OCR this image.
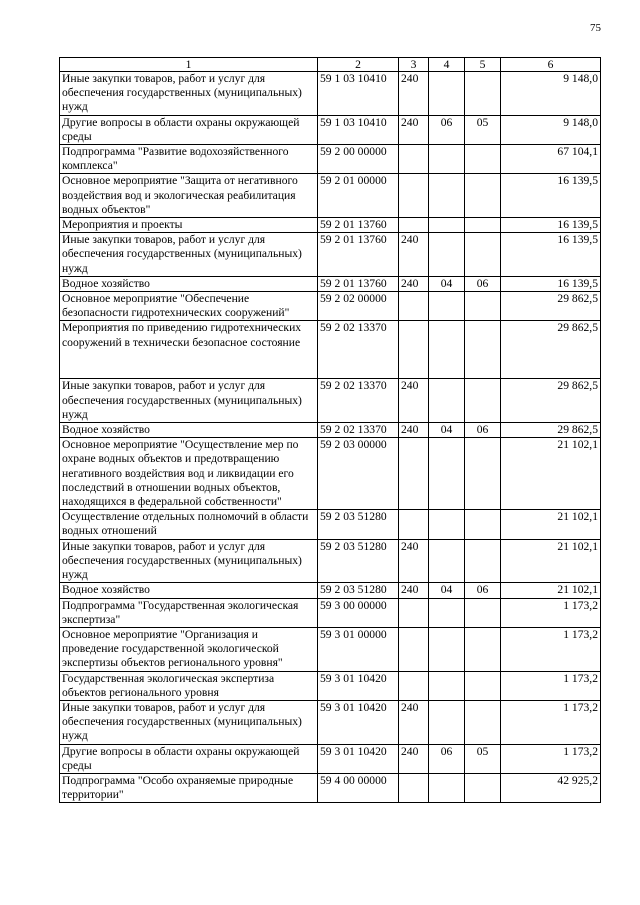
75
1	2	3	4	5	6
Иные закупки товаров, работ и услуг для обеспечения государственных (муниципальных) нужд	59 1 03 10410	240			9 148,0
Другие вопросы в области охраны окружающей среды	59 1 03 10410	240	06	05	9 148,0
Подпрограмма "Развитие водохозяйственного комплекса"	59 2 00 00000				67 104,1
Основное мероприятие "Защита от негативного воздействия вод и экологическая реабилитация водных объектов"	59 2 01 00000				16 139,5
Мероприятия и проекты	59 2 01 13760				16 139,5
Иные закупки товаров, работ и услуг для обеспечения государственных (муниципальных) нужд	59 2 01 13760	240			16 139,5
Водное хозяйство	59 2 01 13760	240	04	06	16 139,5
Основное мероприятие "Обеспечение безопасности гидротехнических сооружений"	59 2 02 00000				29 862,5
Мероприятия по приведению гидротехнических сооружений в технически безопасное состояние	59 2 02 13370				29 862,5
Иные закупки товаров, работ и услуг для обеспечения государственных (муниципальных) нужд	59 2 02 13370	240			29 862,5
Водное хозяйство	59 2 02 13370	240	04	06	29 862,5
Основное мероприятие "Осуществление мер по охране водных объектов и предотвращению негативного воздействия вод и ликвидации его последствий в отношении водных объектов, находящихся в федеральной собственности"	59 2 03 00000				21 102,1
Осуществление отдельных полномочий в области водных отношений	59 2 03 51280				21 102,1
Иные закупки товаров, работ и услуг для обеспечения государственных (муниципальных) нужд	59 2 03 51280	240			21 102,1
Водное хозяйство	59 2 03 51280	240	04	06	21 102,1
Подпрограмма "Государственная экологическая экспертиза"	59 3 00 00000				1 173,2
Основное мероприятие "Организация и проведение государственной экологической экспертизы объектов регионального уровня"	59 3 01 00000				1 173,2
Государственная экологическая экспертиза объектов регионального уровня	59 3 01 10420				1 173,2
Иные закупки товаров, работ и услуг для обеспечения государственных (муниципальных) нужд	59 3 01 10420	240			1 173,2
Другие вопросы в области охраны окружающей среды	59 3 01 10420	240	06	05	1 173,2
Подпрограмма "Особо охраняемые природные территории"	59 4 00 00000				42 925,2
